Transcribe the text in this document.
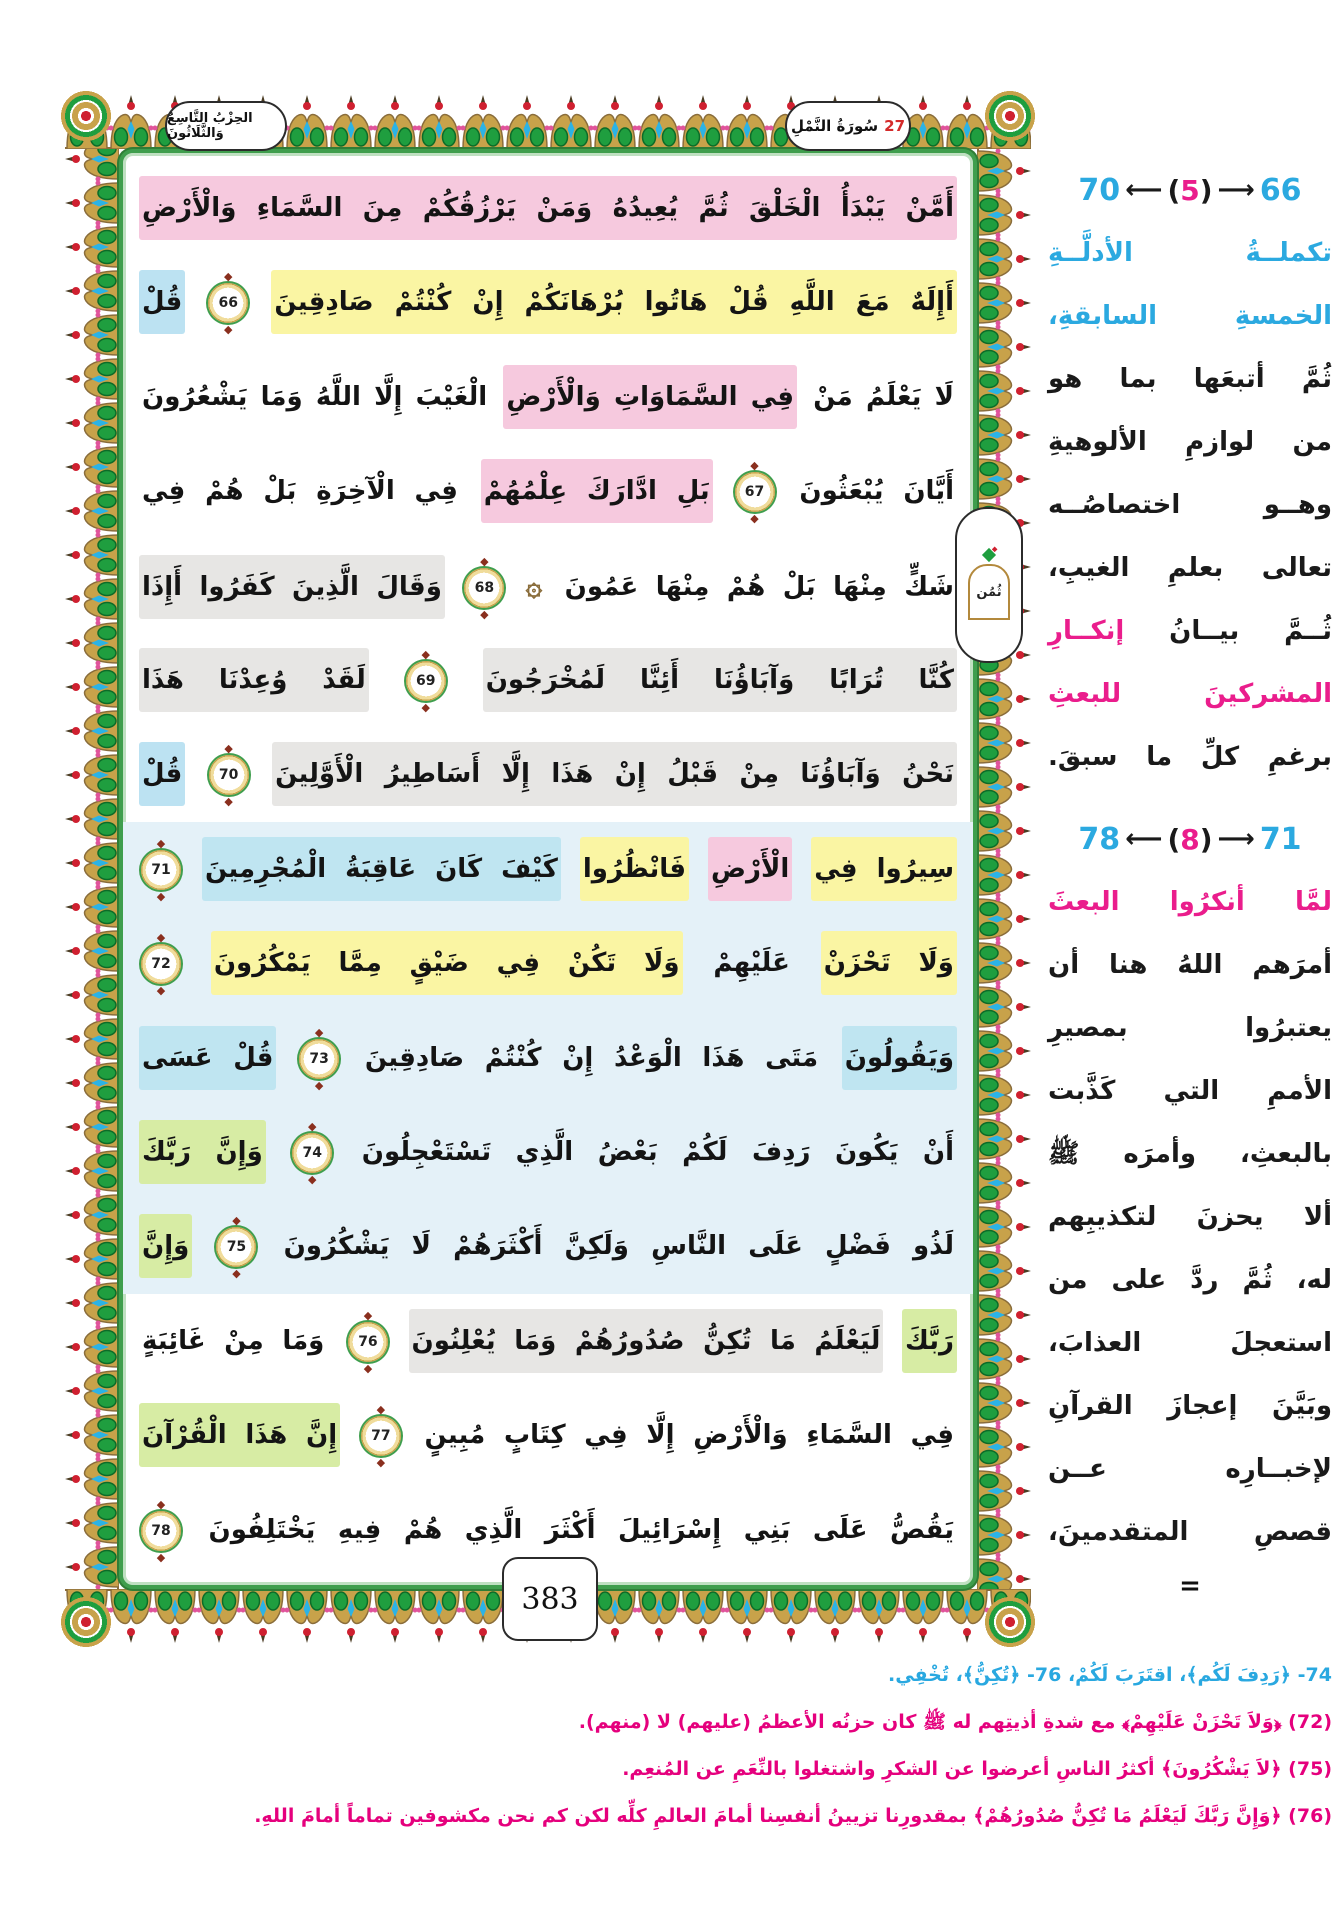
الحِزْبُ التَّاسِعُ وَالثَّلَاثُونَ	27
سُورَةُ النَّمْلِ
أَمَّنْ يَبْدَأُ الْخَلْقَ ثُمَّ يُعِيدُهُ وَمَنْ يَرْزُقُكُمْ مِنَ السَّمَاءِ وَالْأَرْضِ
أَإِلَهٌ مَعَ اللَّهِ قُلْ هَاتُوا بُرْهَانَكُمْ إِنْ كُنْتُمْ صَادِقِينَ
◆ 66
◆ قُلْ
لَا يَعْلَمُ مَنْ فِي السَّمَاوَاتِ وَالْأَرْضِ الْغَيْبَ إِلَّا اللَّهُ وَمَا يَشْعُرُونَ
أَيَّانَ يُبْعَثُونَ
◆ 67
◆ بَلِ ادَّارَكَ عِلْمُهُمْ فِي الْآخِرَةِ بَلْ هُمْ فِي
شَكٍّ مِنْهَا بَلْ هُمْ مِنْهَا عَمُونَ ۞
◆ 68
◆ وَقَالَ الَّذِينَ كَفَرُوا أَإِذَا
كُنَّا تُرَابًا وَآبَاؤُنَا أَئِنَّا لَمُخْرَجُونَ
◆ 69
◆ لَقَدْ وُعِدْنَا هَذَا
نَحْنُ وَآبَاؤُنَا مِنْ قَبْلُ إِنْ هَذَا إِلَّا أَسَاطِيرُ الْأَوَّلِينَ
◆ 70
◆ قُلْ
سِيرُوا فِي الْأَرْضِ فَانْظُرُوا كَيْفَ كَانَ عَاقِبَةُ الْمُجْرِمِينَ
◆ 71
◆
وَلَا تَحْزَنْ عَلَيْهِمْ وَلَا تَكُنْ فِي ضَيْقٍ مِمَّا يَمْكُرُونَ
◆ 72
◆
وَيَقُولُونَ مَتَى هَذَا الْوَعْدُ إِنْ كُنْتُمْ صَادِقِينَ
◆ 73
◆ قُلْ عَسَى
أَنْ يَكُونَ رَدِفَ لَكُمْ بَعْضُ الَّذِي تَسْتَعْجِلُونَ
◆ 74
◆ وَإِنَّ رَبَّكَ
لَذُو فَضْلٍ عَلَى النَّاسِ وَلَكِنَّ أَكْثَرَهُمْ لَا يَشْكُرُونَ
◆ 75
◆ وَإِنَّ
رَبَّكَ لَيَعْلَمُ مَا تُكِنُّ صُدُورُهُمْ وَمَا يُعْلِنُونَ
◆ 76
◆ وَمَا مِنْ غَائِبَةٍ
فِي السَّمَاءِ وَالْأَرْضِ إِلَّا فِي كِتَابٍ مُبِينٍ
◆ 77
◆ إِنَّ هَذَا الْقُرْآنَ
يَقُصُّ عَلَى بَنِي إِسْرَائِيلَ أَكْثَرَ الَّذِي هُمْ فِيهِ يَخْتَلِفُونَ
◆ 78
◆
ثُمُن
383
70 ⟵ ( 5 ) ⟶ 66
تكملــةُ الأدلَّــةِ
الخمسةِ السابقةِ،
ثُمَّ أتبعَها بما هو
من لوازمِ الألوهيةِ
وهــو اختصاصُــه
تعالى بعلمِ الغيبِ،
ثُــمَّ بيــانُ إنكــارِ
المشركينَ للبعثِ
برغمِ كلِّ ما سبقَ.
78 ⟵ ( 8 ) ⟶ 71
لمَّا أنكرُوا البعثَ
أمرَهم اللهُ هنا أن
يعتبرُوا بمصيرِ
الأممِ التي كَذَّبت
بالبعثِ، وأمرَه ﷺ
ألا يحزنَ لتكذيبِهم
له، ثُمَّ ردَّ على من
استعجلَ العذابَ،
وبَيَّنَ إعجازَ القرآنِ
لإخبــارِه عــن
قصصِ المتقدمينَ،
=
74- ﴿رَدِفَ لَكُم﴾، اقتَرَبَ لَكُمْ، 76- ﴿تُكِنُّ﴾، تُخْفِي.
(72) ﴿وَلاَ تَحْزَنْ عَلَيْهِمْ﴾ مع شدةِ أذيتِهم له ﷺ كان حزنُه الأعظمُ (عليهم) لا (منهم).
(75) ﴿لاَ يَشْكُرُونَ﴾ أكثرُ الناسِ أعرضوا عن الشكرِ واشتغلوا بالنِّعَمِ عن المُنعِم.
(76) ﴿وَإِنَّ رَبَّكَ لَيَعْلَمُ مَا تُكِنُّ صُدُورُهُمْ﴾ بمقدورِنا تزيينُ أنفسِنا أمامَ العالمِ كلِّه لكن كم نحن مكشوفين تماماً أمامَ اللهِ.
